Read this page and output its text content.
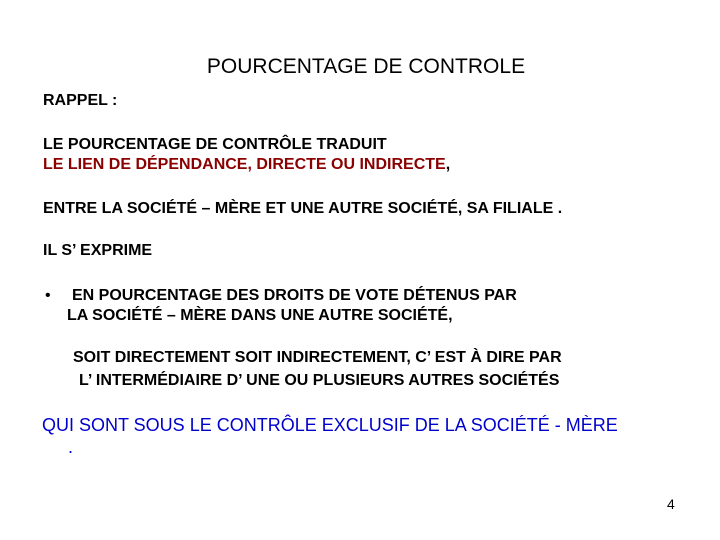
POURCENTAGE DE CONTROLE

RAPPEL :

LE POURCENTAGE DE CONTRÔLE TRADUIT

LE LIEN DE DÉPENDANCE, DIRECTE OU INDIRECTE,

ENTRE LA SOCIÉTÉ – MÈRE ET UNE AUTRE SOCIÉTÉ, SA FILIALE .

IL S’ EXPRIME

• EN POURCENTAGE DES DROITS DE VOTE DÉTENUS PAR

LA SOCIÉTÉ – MÈRE DANS UNE AUTRE SOCIÉTÉ,

SOIT DIRECTEMENT SOIT INDIRECTEMENT, C’ EST À DIRE PAR

L’ INTERMÉDIAIRE D’ UNE OU PLUSIEURS AUTRES SOCIÉTÉS

QUI SONT SOUS LE CONTRÔLE EXCLUSIF DE LA SOCIÉTÉ - MÈRE

.

4
